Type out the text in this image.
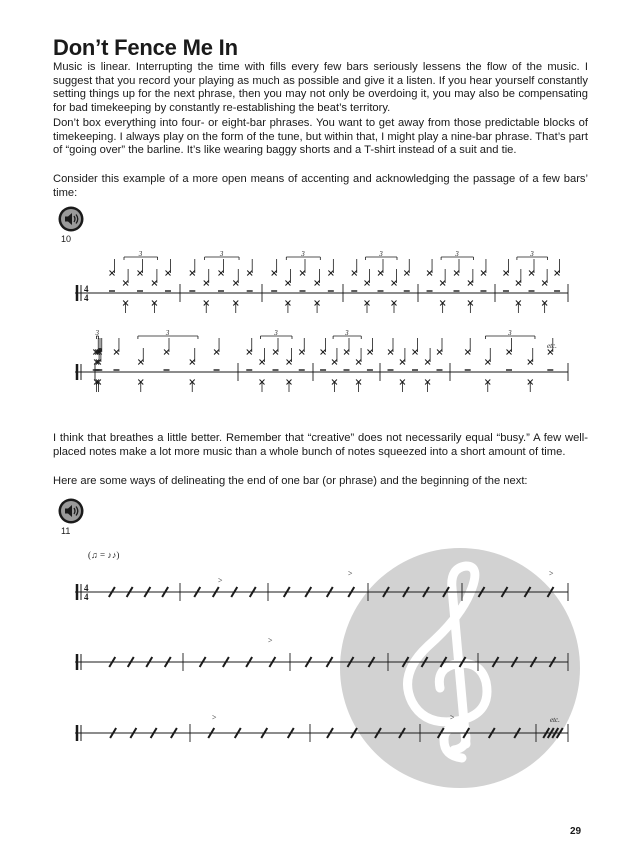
Don’t Fence Me In

Music is linear. Interrupting the time with fills every few bars seriously lessens the flow of the music. I suggest that you record your playing as much as possible and give it a listen. If you hear yourself constantly setting things up for the next phrase, then you may not only be overdoing it, you may also be compensating for bad timekeeping by constantly re-establishing the beat’s territory.

Don’t box everything into four- or eight-bar phrases. You want to get away from those predictable blocks of timekeeping. I always play on the form of the tune, but within that, I might play a nine-bar phrase. That’s part of “going over” the barline. It’s like wearing baggy shorts and a T-shirt instead of a suit and tie.

Consider this example of a more open means of accenting and acknowledging the passage of a few bars’ time:

I think that breathes a little better. Remember that “creative” does not necessarily equal “busy.” A few well-placed notes make a lot more music than a whole bunch of notes squeezed into a short amount of time.

Here are some ways of delineating the end of one bar (or phrase) and the beginning of the next:

10
11
4
4
3	3	3	3	3	3
3	3	3	3	3
etc.
(♫ = ♪♪)
4
4
>
>	>
>
>	>	etc.
29
